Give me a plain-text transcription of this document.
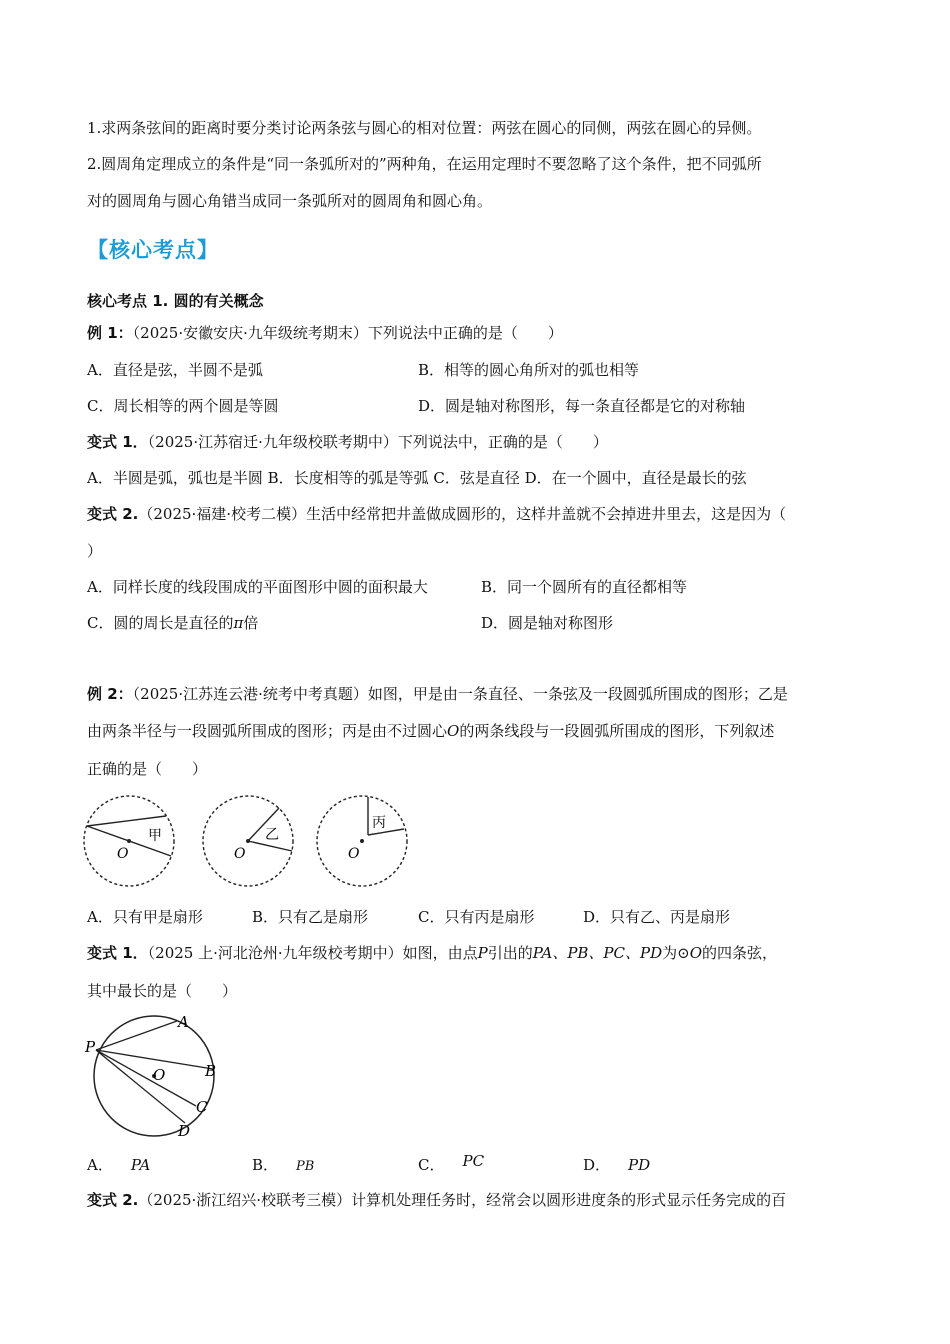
1.求两条弦间的距离时要分类讨论两条弦与圆心的相对位置：两弦在圆心的同侧，两弦在圆心的异侧。
2.圆周角定理成立的条件是“同一条弧所对的”两种角，在运用定理时不要忽略了这个条件，把不同弧所
对的圆周角与圆心角错当成同一条弧所对的圆周角和圆心角。
【核心考点】
核心考点 1. 圆的有关概念
例 1：（2025·安徽安庆·九年级统考期末）下列说法中正确的是（　　）
A．直径是弦，半圆不是弧	B．相等的圆心角所对的弧也相等
C．周长相等的两个圆是等圆	D．圆是轴对称图形，每一条直径都是它的对称轴
变式 1．（2025·江苏宿迁·九年级校联考期中）下列说法中，正确的是（　　）
A．半圆是弧，弧也是半圆 B．长度相等的弧是等弧 C．弦是直径 D．在一个圆中，直径是最长的弦
变式 2.（2025·福建·校考二模）生活中经常把井盖做成圆形的，这样井盖就不会掉进井里去，这是因为（
）
A．同样长度的线段围成的平面图形中圆的面积最大	B．同一个圆所有的直径都相等
C．圆的周长是直径的π倍	D．圆是轴对称图形
例 2：（2025·江苏连云港·统考中考真题）如图，甲是由一条直径、一条弦及一段圆弧所围成的图形；乙是
由两条半径与一段圆弧所围成的图形；丙是由不过圆心O的两条线段与一段圆弧所围成的图形，下列叙述
正确的是（　　）
O
甲
O
乙
O
丙
A．只有甲是扇形	B．只有乙是扇形	C．只有丙是扇形	D．只有乙、丙是扇形
变式 1．（2025 上·河北沧州·九年级校考期中）如图，由点P引出的PA、PB、PC、PD为⊙O的四条弦，
其中最长的是（　　）
P
A
B
C
D
O
A． PA	B． PB	C． PC	D． PD
变式 2.（2025·浙江绍兴·校联考三模）计算机处理任务时，经常会以圆形进度条的形式显示任务完成的百
